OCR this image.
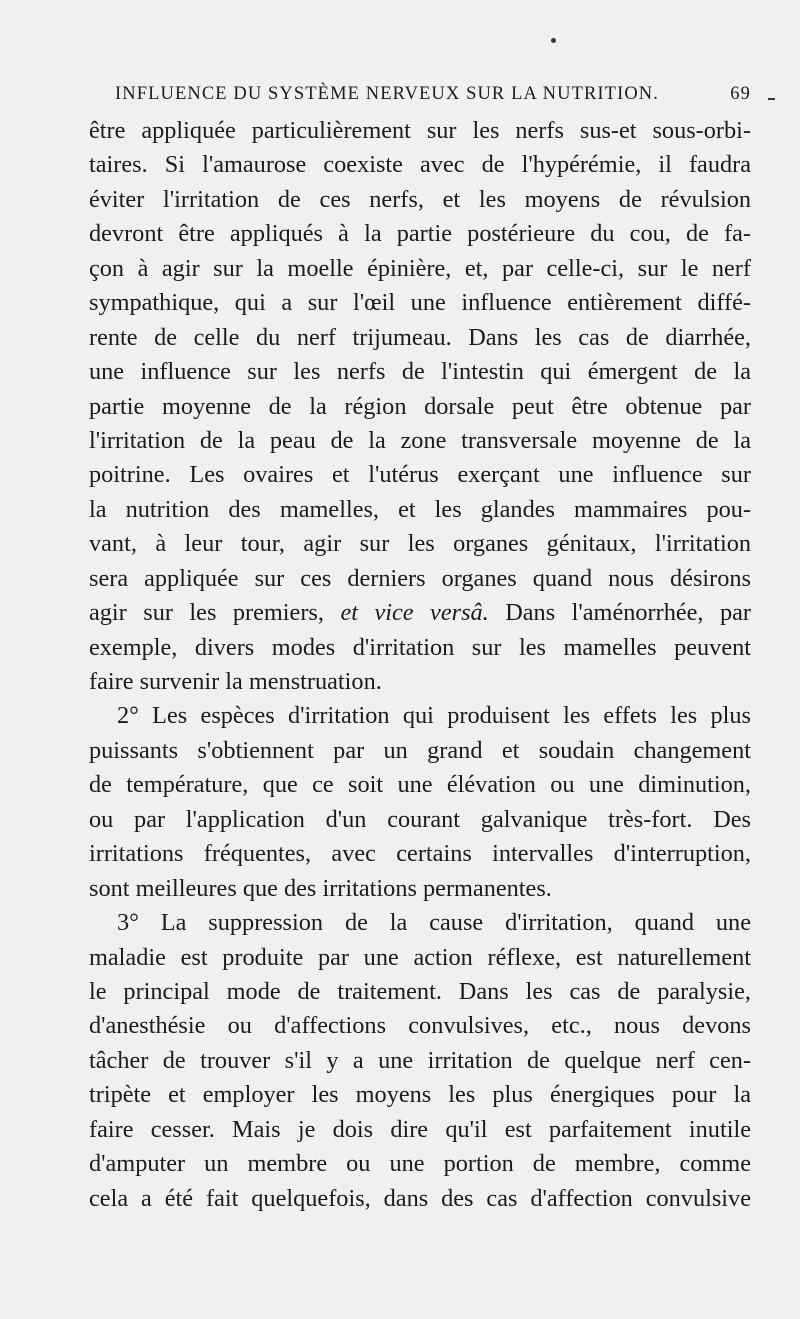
INFLUENCE DU SYSTÈME NERVEUX SUR LA NUTRITION.	69
être appliquée particulièrement sur les nerfs sus-et sous-orbi-
taires. Si l'amaurose coexiste avec de l'hypérémie, il faudra
éviter l'irritation de ces nerfs, et les moyens de révulsion
devront être appliqués à la partie postérieure du cou, de fa-
çon à agir sur la moelle épinière, et, par celle-ci, sur le nerf
sympathique, qui a sur l'œil une influence entièrement diffé-
rente de celle du nerf trijumeau. Dans les cas de diarrhée,
une influence sur les nerfs de l'intestin qui émergent de la
partie moyenne de la région dorsale peut être obtenue par
l'irritation de la peau de la zone transversale moyenne de la
poitrine. Les ovaires et l'utérus exerçant une influence sur
la nutrition des mamelles, et les glandes mammaires pou-
vant, à leur tour, agir sur les organes génitaux, l'irritation
sera appliquée sur ces derniers organes quand nous désirons
agir sur les premiers, et vice versâ. Dans l'aménorrhée, par
exemple, divers modes d'irritation sur les mamelles peuvent
faire survenir la menstruation.
2° Les espèces d'irritation qui produisent les effets les plus
puissants s'obtiennent par un grand et soudain changement
de température, que ce soit une élévation ou une diminution,
ou par l'application d'un courant galvanique très-fort. Des
irritations fréquentes, avec certains intervalles d'interruption,
sont meilleures que des irritations permanentes.
3° La suppression de la cause d'irritation, quand une
maladie est produite par une action réflexe, est naturellement
le principal mode de traitement. Dans les cas de paralysie,
d'anesthésie ou d'affections convulsives, etc., nous devons
tâcher de trouver s'il y a une irritation de quelque nerf cen-
tripète et employer les moyens les plus énergiques pour la
faire cesser. Mais je dois dire qu'il est parfaitement inutile
d'amputer un membre ou une portion de membre, comme
cela a été fait quelquefois, dans des cas d'affection convulsive
